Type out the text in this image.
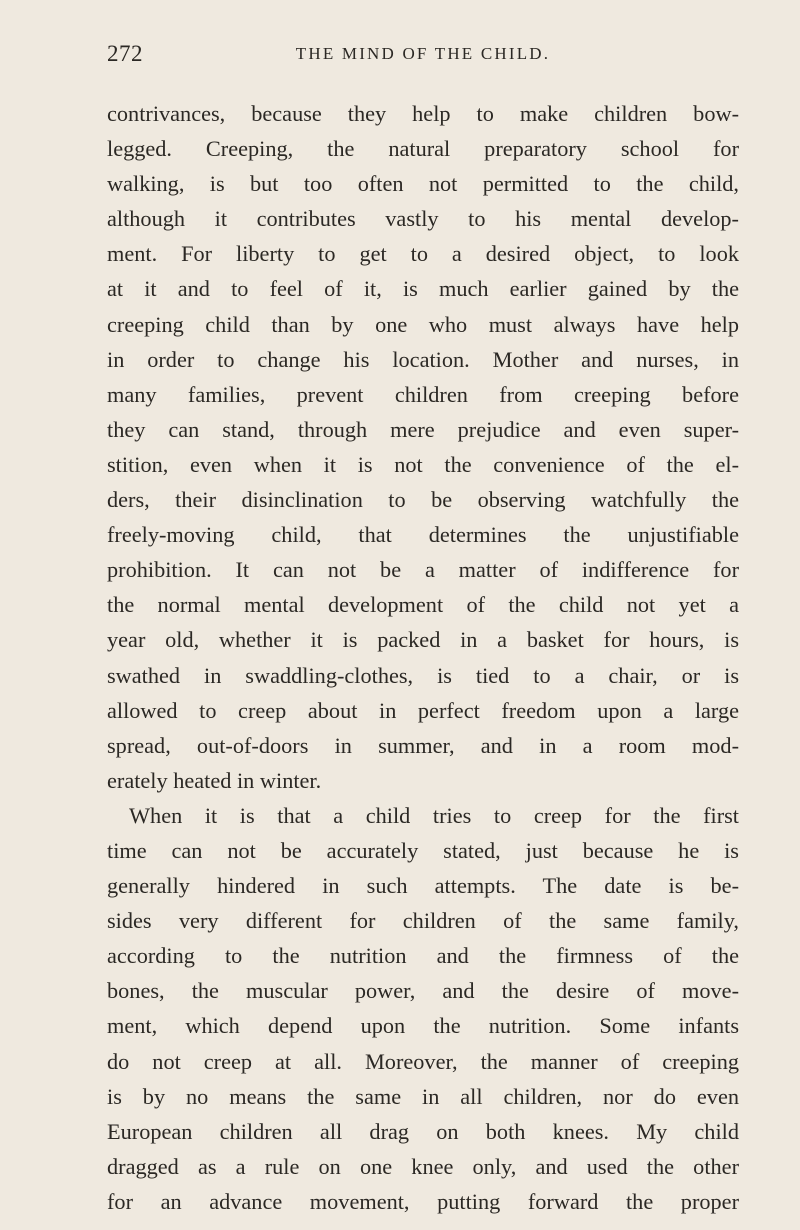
272	THE MIND OF THE CHILD.
contrivances, because they help to make children bow-
legged. Creeping, the natural preparatory school for
walking, is but too often not permitted to the child,
although it contributes vastly to his mental develop-
ment. For liberty to get to a desired object, to look
at it and to feel of it, is much earlier gained by the
creeping child than by one who must always have help
in order to change his location. Mother and nurses, in
many families, prevent children from creeping before
they can stand, through mere prejudice and even super-
stition, even when it is not the convenience of the el-
ders, their disinclination to be observing watchfully the
freely-moving child, that determines the unjustifiable
prohibition. It can not be a matter of indifference for
the normal mental development of the child not yet a
year old, whether it is packed in a basket for hours, is
swathed in swaddling-clothes, is tied to a chair, or is
allowed to creep about in perfect freedom upon a large
spread, out-of-doors in summer, and in a room mod-
erately heated in winter.
When it is that a child tries to creep for the first
time can not be accurately stated, just because he is
generally hindered in such attempts. The date is be-
sides very different for children of the same family,
according to the nutrition and the firmness of the
bones, the muscular power, and the desire of move-
ment, which depend upon the nutrition. Some infants
do not creep at all. Moreover, the manner of creeping
is by no means the same in all children, nor do even
European children all drag on both knees. My child
dragged as a rule on one knee only, and used the other
for an advance movement, putting forward the proper
